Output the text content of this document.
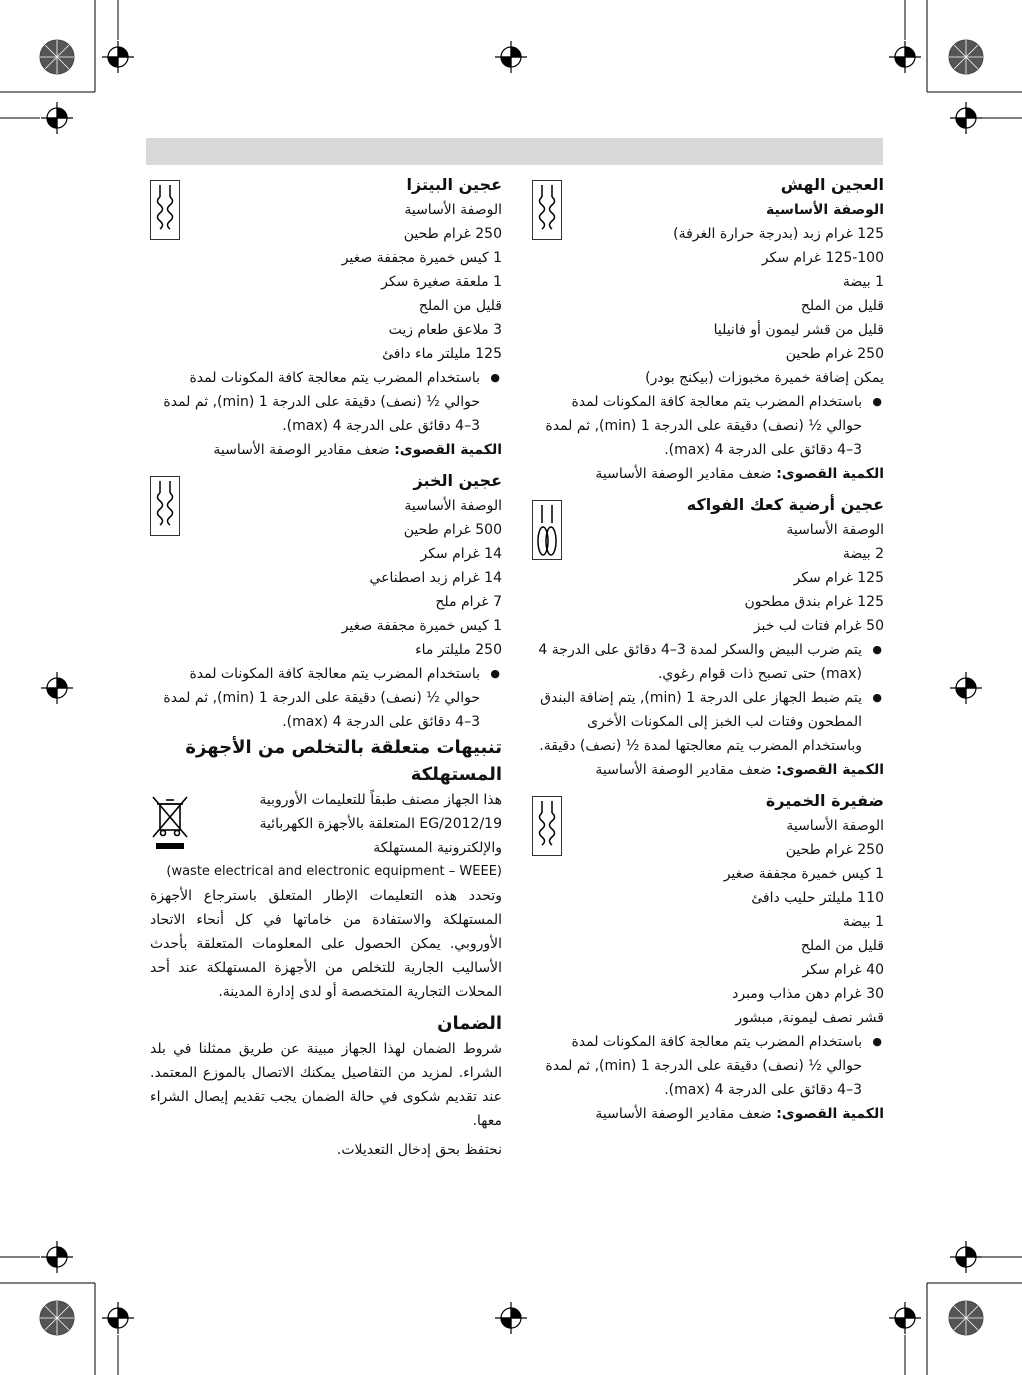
العجين الهش
الوصفة الأساسية
125 غرام زبد (بدرجة حرارة الغرفة)
125-100 غرام سكر
1 بيضة
قليل من الملح
قليل من قشر ليمون أو فانيليا
250 غرام طحين
يمكن إضافة خميرة مخبوزات (بيكنج بودر)
● باستخدام المضرب يتم معالجة كافة المكونات لمدة حوالي ½ (نصف) دقيقة على الدرجة 1 (min), ثم لمدة 3–4 دقائق على الدرجة 4 (max).
الكمية القصوى: ضعف مقادير الوصفة الأساسية
عجين أرضية كعك الفواكه
الوصفة الأساسية
2 بيضة
125 غرام سكر
125 غرام بندق مطحون
50 غرام فتات لب خبز
● يتم ضرب البيض والسكر لمدة 3–4 دقائق على الدرجة 4 (max) حتى تصبح ذات قوام رغوي.
● يتم ضبط الجهاز على الدرجة 1 (min), يتم إضافة البندق المطحون وفتات لب الخبز إلى المكونات الأخرى وباستخدام المضرب يتم معالجتها لمدة ½ (نصف) دقيقة.
الكمية القصوى: ضعف مقادير الوصفة الأساسية
ضفيرة الخميرة
الوصفة الأساسية
250 غرام طحين
1 كيس خميرة مجففة صغير
110 مليلتر حليب دافئ
1 بيضة
قليل من الملح
40 غرام سكر
30 غرام دهن مذاب ومبرد
قشر نصف ليمونة, مبشور
● باستخدام المضرب يتم معالجة كافة المكونات لمدة حوالي ½ (نصف) دقيقة على الدرجة 1 (min), ثم لمدة 3–4 دقائق على الدرجة 4 (max).
الكمية القصوى: ضعف مقادير الوصفة الأساسية
عجين البيتزا
الوصفة الأساسية
250 غرام طحين
1 كيس خميرة مجففة صغير
1 ملعقة صغيرة سكر
قليل من الملح
3 ملاعق طعام زيت
125 مليلتر ماء دافئ
● باستخدام المضرب يتم معالجة كافة المكونات لمدة حوالي ½ (نصف) دقيقة على الدرجة 1 (min), ثم لمدة 3–4 دقائق على الدرجة 4 (max).
الكمية القصوى: ضعف مقادير الوصفة الأساسية
عجين الخبز
الوصفة الأساسية
500 غرام طحين
14 غرام سكر
14 غرام زبد اصطناعي
7 غرام ملح
1 كيس خميرة مجففة صغير
250 مليلتر ماء
● باستخدام المضرب يتم معالجة كافة المكونات لمدة حوالي ½ (نصف) دقيقة على الدرجة 1 (min), ثم لمدة 3–4 دقائق على الدرجة 4 (max).
تنبيهات متعلقة بالتخلص من الأجهزة المستهلكة
هذا الجهاز مصنف طبقاً للتعليمات الأوروبية
2012/19/EG المتعلقة بالأجهزة الكهربائية
والإلكترونية المستهلكة
(waste electrical and electronic equipment – WEEE)
وتحدد هذه التعليمات الإطار المتعلق باسترجاع الأجهزة المستهلكة والاستفادة من خاماتها في كل أنحاء الاتحاد الأوروبي. يمكن الحصول على المعلومات المتعلقة بأحدث الأساليب الجارية للتخلص من الأجهزة المستهلكة عند أحد المحلات التجارية المتخصصة أو لدى إدارة المدينة.
الضمان
شروط الضمان لهذا الجهاز مبينة عن طريق ممثلنا في بلد الشراء. لمزيد من التفاصيل يمكنك الاتصال بالموزع المعتمد. عند تقديم شكوى في حالة الضمان يجب تقديم إيصال الشراء معها.
نحتفظ بحق إدخال التعديلات.
